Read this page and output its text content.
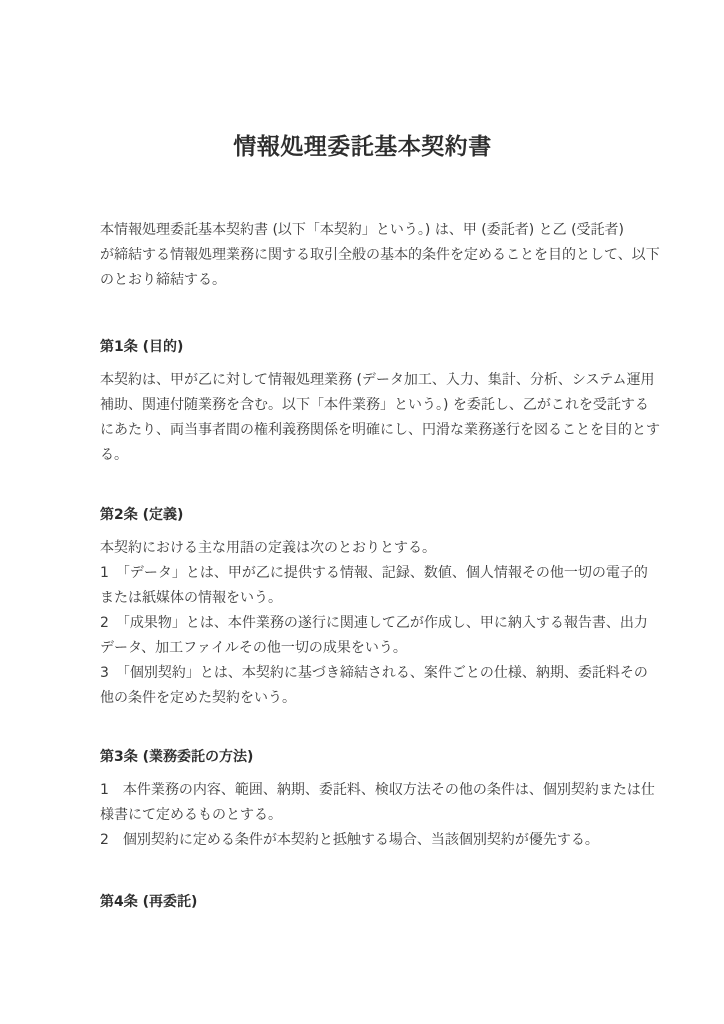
情報処理委託基本契約書
本情報処理委託基本契約書 (以下「本契約」という。) は、甲 (委託者) と乙 (受託者)
が締結する情報処理業務に関する取引全般の基本的条件を定めることを目的として、以下
のとおり締結する。
第1条 (目的)
本契約は、甲が乙に対して情報処理業務 (データ加工、入力、集計、分析、システム運用
補助、関連付随業務を含む。以下「本件業務」という。) を委託し、乙がこれを受託する
にあたり、両当事者間の権利義務関係を明確にし、円滑な業務遂行を図ることを目的とす
る。
第2条 (定義)
本契約における主な用語の定義は次のとおりとする。
1　「データ」とは、甲が乙に提供する情報、記録、数値、個人情報その他一切の電子的
または紙媒体の情報をいう。
2　「成果物」とは、本件業務の遂行に関連して乙が作成し、甲に納入する報告書、出力
データ、加工ファイルその他一切の成果をいう。
3　「個別契約」とは、本契約に基づき締結される、案件ごとの仕様、納期、委託料その
他の条件を定めた契約をいう。
第3条 (業務委託の方法)
1　本件業務の内容、範囲、納期、委託料、検収方法その他の条件は、個別契約または仕
様書にて定めるものとする。
2　個別契約に定める条件が本契約と抵触する場合、当該個別契約が優先する。
第4条 (再委託)
